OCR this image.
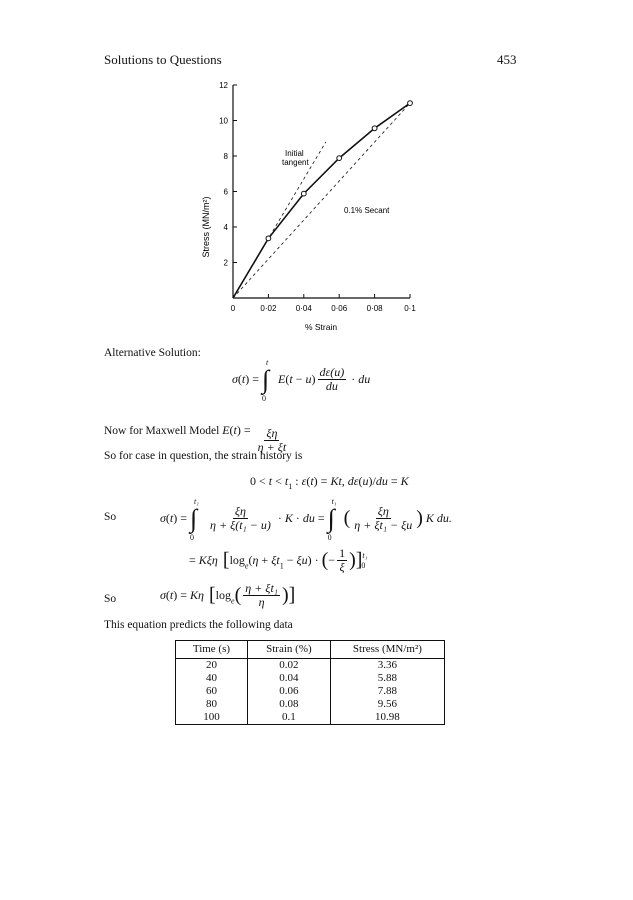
Solutions to Questions	453
2
4
6
8
10
12
0	0·02 0·04 0·06 0·08	0·1
Stress (MN/m²)
% Strain
Initial
tangent
0.1% Secant
Alternative Solution:
σ(t) = ∫
t
0
$E(t - u) \frac{d\varepsilon(u)}{du}$ · du
Now for Maxwell Model $E(t) = \frac{\xi\eta}{\eta + \xi t}$
So for case in question, the strain history is
$0 < t < t_1$ : ε(t) = Kt, dε(u)/du = K
So	σ(t) = ∫
t₁
0

$\frac{\xi\eta}{\text{η + ξ(t₁ − u)}} \cdot K$ · du = ∫
t₁
0
( $\frac{\xi\eta}{\text{η + ξt₁ − ξu}}$ ) K du.
= Kξη [$\log_e(\eta + \xi t_1 - \xi u)$ · (− $\frac{1}{\xi} )]^{t_1}_0$
So	σ(t) = Kη [$\log_e( \frac{\text{η + ξt₁}}{\eta}$ )]
This equation predicts the following data
Time (s)	Strain (%)	Stress (MN/m²)
20	0.02	3.36
40	0.04	5.88
60	0.06	7.88
80	0.08	9.56
100	0.1	10.98
